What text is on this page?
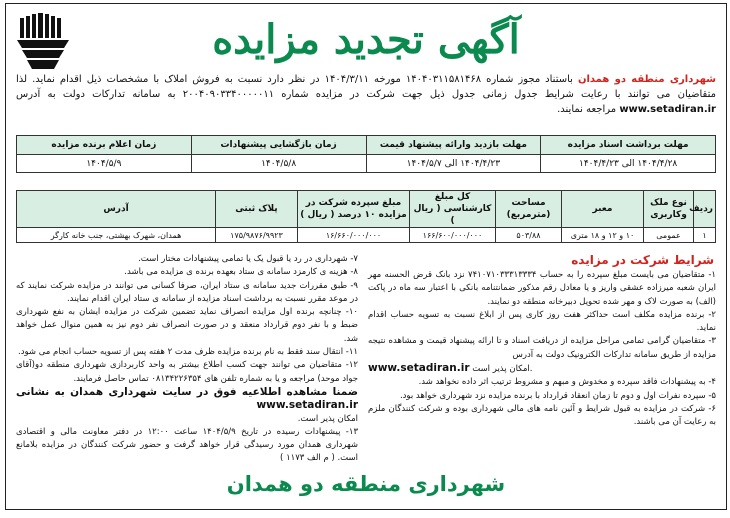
آگهی تجدید مزایده
شهرداری منطقه دو همدان باستناد مجوز شماره ۱۴۰۴۰۳۱۱۵۸۱۴۶۸ مورخه ۱۴۰۴/۳/۱۱ در نظر دارد نسبت به فروش املاک با مشخصات ذیل اقدام نماید. لذا متقاضیان می توانند با رعایت شرایط جدول زمانی جدول ذیل جهت شرکت در مزایده شماره ۲۰۰۴۰۹۰۳۳۴۰۰۰۰۰۱۱ به سامانه تدارکات دولت به آدرس www.setadiran.ir مراجعه نمایند.
مهلت برداشت اسناد مزایده	مهلت بازدید وارائه پیشنهاد قیمت	زمان بازگشایی پیشنهادات	زمان اعلام برنده مزایده
۱۴۰۴/۴/۲۸ الی ۱۴۰۴/۴/۲۳	۱۴۰۴/۴/۲۳ الی ۱۴۰۴/۵/۷	۱۴۰۴/۵/۸	۱۴۰۴/۵/۹
ردیف	نوع ملک وکاربری	معبر	مساحت (مترمربع)	کل مبلغ کارشناسی ( ریال )	مبلغ سپرده شرکت در مزایده ۱۰ درصد ( ریال )	پلاک ثبتی	آدرس
۱	عمومی	۱۰ و ۱۲ و ۱۸ متری	۵۰۳/۸۸	۱۶۶/۶۰۰/۰۰۰/۰۰۰	۱۶/۶۶۰/۰۰۰/۰۰۰	۱۷۵/۹۸۷۶/۹۹۲۳	همدان، شهرک بهشتی، جنب خانه کارگر
شرایط شرکت در مزایده

۱- متقاضیان می بایست مبلغ سپرده را به حساب ۷۴۱۰۷۱۰۳۳۳۱۳۳۳۴ نزد بانک قرض الحسنه مهر ایران شعبه میرزاده عشقی واریز و یا معادل رقم مذکور ضمانتنامه بانکی با اعتبار سه ماه در پاکت (الف) به صورت لاک و مهر شده تحویل دبیرخانه منطقه دو نمایند.

۲- برنده مزایده مکلف است حداکثر هفت روز کاری پس از ابلاغ نسبت به تسویه حساب اقدام نماید.

۳- متقاضیان گرامی تمامی مراحل مزایده از دریافت اسناد و تا ارائه پیشنهاد قیمت و مشاهده نتیجه مزایده از طریق سامانه تدارکات الکترونیک دولت به آدرس

www.setadiran.ir امکان پذیر است.

۴- به پیشنهادات فاقد سپرده و مخدوش و مبهم و مشروط ترتیب اثر داده نخواهد شد.

۵- سپرده نفرات اول و دوم تا زمان انعقاد قرارداد با برنده مزایده نزد شهرداری خواهد بود.

۶- شرکت در مزایده به قبول شرایط و آئین نامه های مالی شهرداری بوده و شرکت کنندگان ملزم به رعایت آن می باشند.

۷- شهرداری در رد یا قبول یک یا تمامی پیشنهادات مختار است.

۸- هزینه ی کارمزد سامانه ی ستاد بعهده برنده ی مزایده می باشد.

۹- طبق مقررات جدید سامانه ی ستاد ایران، صرفا کسانی می توانند در مزایده شرکت نمایند که در موعد مقرر نسبت به برداشت اسناد مزایده از سامانه ی ستاد ایران اقدام نمایند.

۱۰- چنانچه برنده اول مزایده انصراف نماید تضمین شرکت در مزایده ایشان به نفع شهرداری ضبط و با نفر دوم قرارداد منعقد و در صورت انصراف نفر دوم نیز به همین منوال عمل خواهد شد.

۱۱- انتقال سند فقط به نام برنده مزایده ظرف مدت ۲ هفته پس از تسویه حساب انجام می شود.

۱۲- متقاضیان می توانند جهت کسب اطلاع بیشتر به واحد کاربردازی شهرداری منطقه دو(آقای جواد موحد) مراجعه و یا به شماره تلفن های ۰۸۱۳۴۲۲۶۳۵۴ تماس حاصل فرمایند.

ضمنا مشاهده اطلاعیه فوق در سایت شهرداری همدان به نشانی www.setadiran.ir

امکان پذیر است.

۱۳- پیشنهادات رسیده در تاریخ ۱۴۰۴/۵/۹ ساعت ۱۲:۰۰ در دفتر معاونت مالی و اقتصادی شهرداری همدان مورد رسیدگی قرار خواهد گرفت و حضور شرکت کنندگان در مزایده بلامانع است. ( م الف ۱۱۷۳ )

شهرداری منطقه دو همدان
